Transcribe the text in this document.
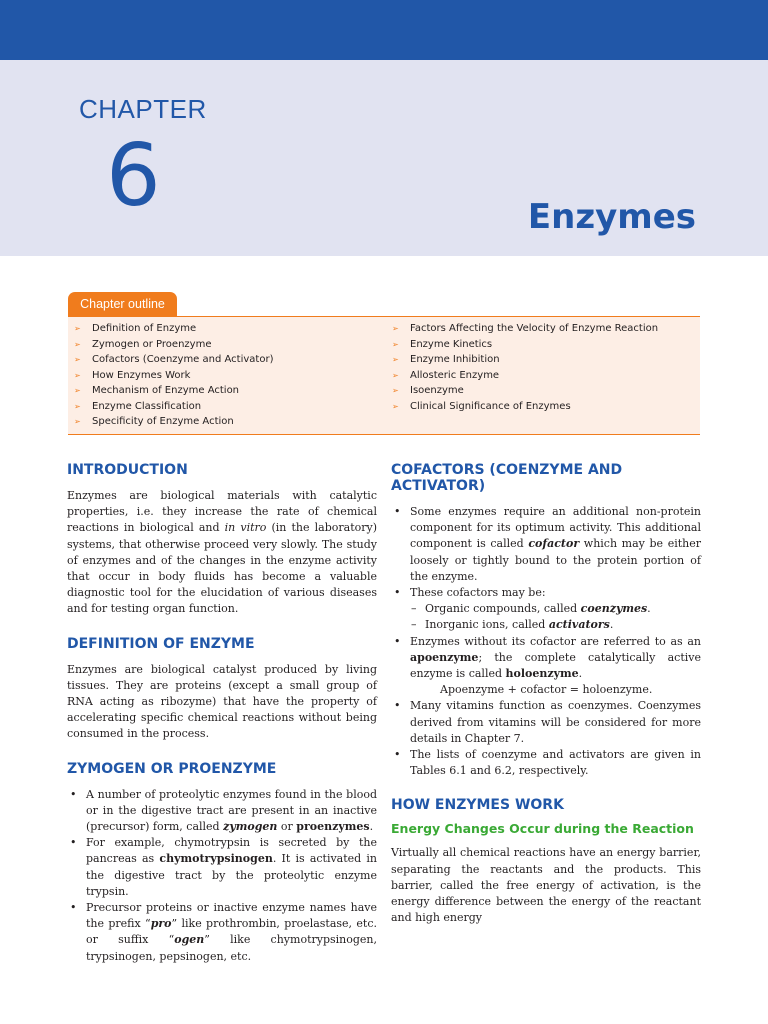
CHAPTER
6	Enzymes
Chapter outline
➢ Definition of Enzyme
➢ Zymogen or Proenzyme
➢ Cofactors (Coenzyme and Activator)
➢ How Enzymes Work
➢ Mechanism of Enzyme Action
➢ Enzyme Classification
➢ Specificity of Enzyme Action
➢ Factors Affecting the Velocity of Enzyme Reaction
➢ Enzyme Kinetics
➢ Enzyme Inhibition
➢ Allosteric Enzyme
➢ Isoenzyme
➢ Clinical Significance of Enzymes
INTRODUCTION

Enzymes are biological materials with catalytic properties, i.e. they increase the rate of chemical reactions in biological and in vitro (in the laboratory) systems, that otherwise proceed very slowly. The study of enzymes and of the changes in the enzyme activity that occur in body fluids has become a valuable diagnostic tool for the elucidation of various diseases and for testing organ function.

DEFINITION OF ENZYME

Enzymes are biological catalyst produced by living tissues. They are proteins (except a small group of RNA acting as ribozyme) that have the property of accelerating specific chemical reactions without being consumed in the process.

ZYMOGEN OR PROENZYME
• A number of proteolytic enzymes found in the blood or in the digestive tract are present in an inactive (precursor) form, called zymogen or proenzymes.
• For example, chymotrypsin is secreted by the pancreas as chymotrypsinogen. It is activated in the digestive tract by the proteolytic enzyme trypsin.
• Precursor proteins or inactive enzyme names have the prefix “pro” like prothrombin, proelastase, etc. or suffix “ogen” like chymotrypsinogen, trypsinogen, pepsinogen, etc.
COFACTORS (COENZYME AND ACTIVATOR)
• Some enzymes require an additional non-protein component for its optimum activity. This additional component is called cofactor which may be either loosely or tightly bound to the protein portion of the enzyme.
• These cofactors may be:
– Organic compounds, called coenzymes.
– Inorganic ions, called activators.
• Enzymes without its cofactor are referred to as an apoenzyme; the complete catalytically active enzyme is called holoenzyme.
Apoenzyme + cofactor = holoenzyme.
• Many vitamins function as coenzymes. Coenzymes derived from vitamins will be considered for more details in Chapter 7.
• The lists of coenzyme and activators are given in Tables 6.1 and 6.2, respectively.
HOW ENZYMES WORK
Energy Changes Occur during the Reaction

Virtually all chemical reactions have an energy barrier, separating the reactants and the products. This barrier, called the free energy of activation, is the energy difference between the energy of the reactant and high energy
